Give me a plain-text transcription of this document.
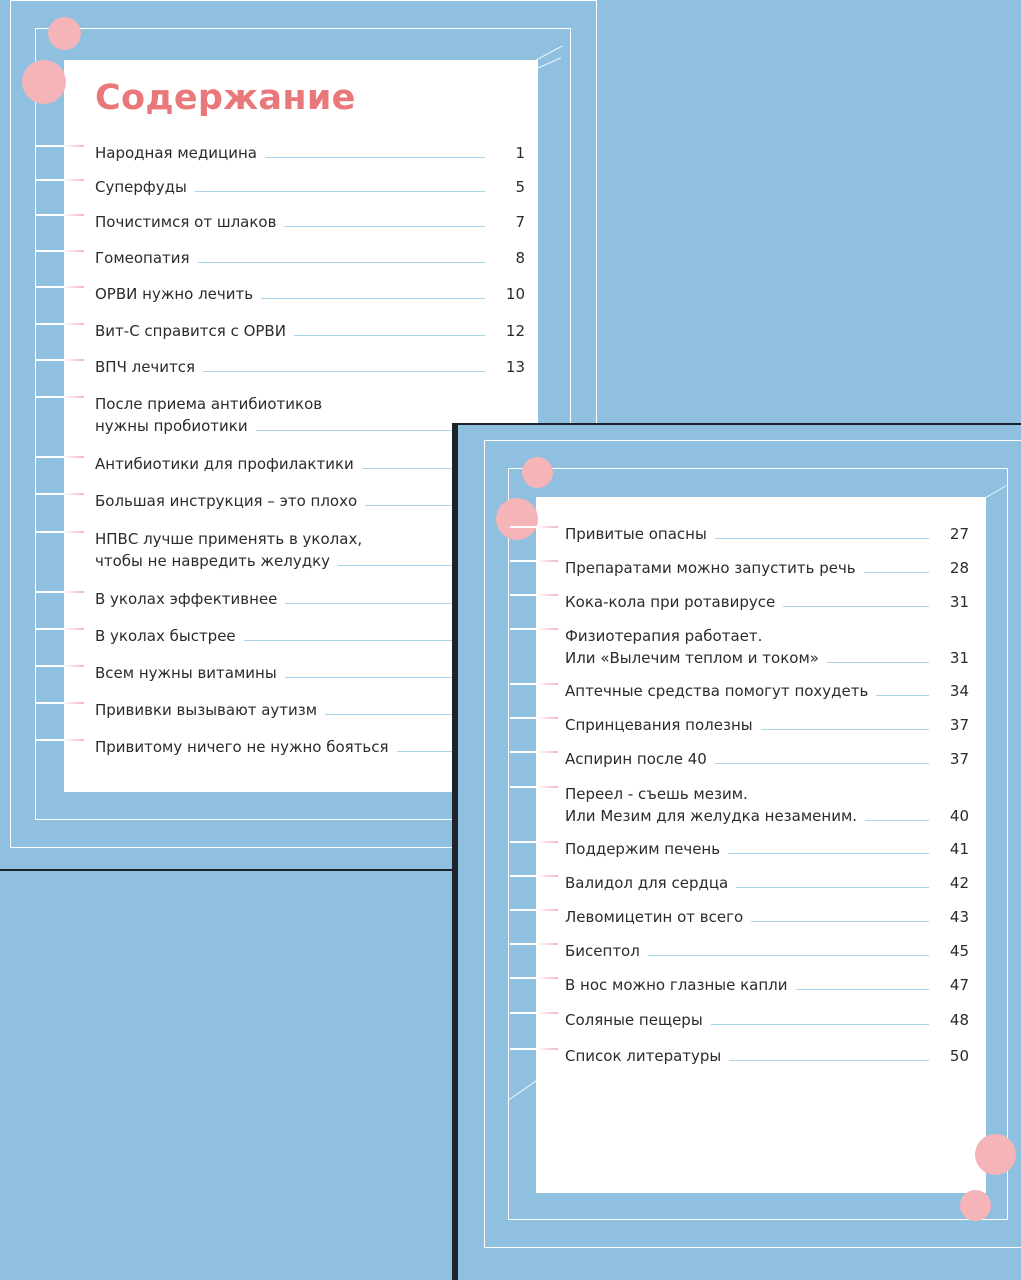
Содержание
Народная медицина	1
Суперфуды	5
Почистимся от шлаков	7
Гомеопатия	8
ОРВИ нужно лечить	10
Вит-С справится с ОРВИ	12
ВПЧ лечится	13
После приема антибиотиков
нужны пробиотики
Антибиотики для профилактики
Большая инструкция – это плохо
НПВС лучше применять в уколах,
чтобы не навредить желудку
В уколах эффективнее
В уколах быстрее
Всем нужны витамины
Прививки вызывают аутизм
Привитому ничего не нужно бояться
Привитые опасны	27
Препаратами можно запустить речь	28
Кока-кола при ротавирусе	31
Физиотерапия работает.
Или «Вылечим теплом и током»	31
Аптечные средства помогут похудеть	34
Спринцевания полезны	37
Аспирин после 40	37
Переел - съешь мезим.
Или Мезим для желудка незаменим.	40
Поддержим печень	41
Валидол для сердца	42
Левомицетин от всего	43
Бисептол	45
В нос можно глазные капли	47
Соляные пещеры	48
Список литературы	50
